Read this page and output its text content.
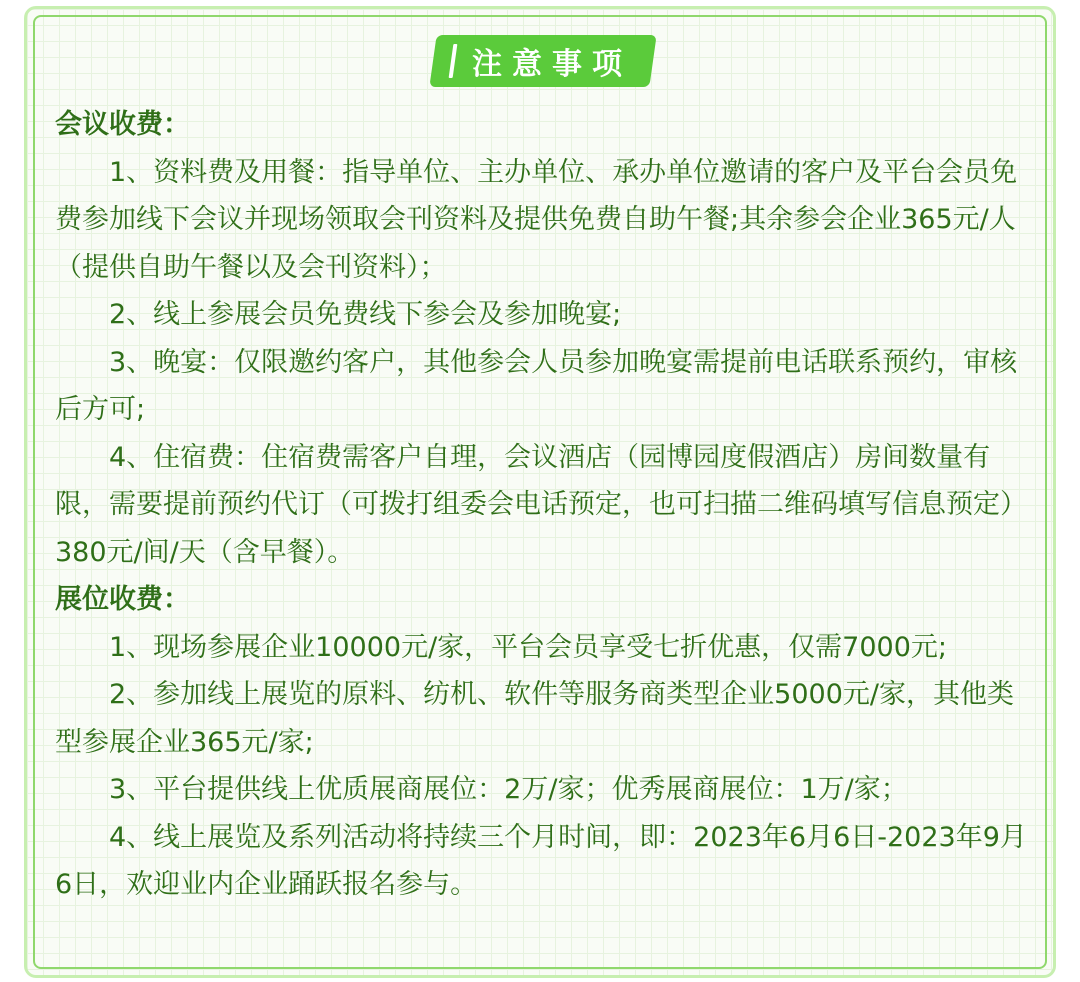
注意事项
会议收费：
1、资料费及用餐：指导单位、主办单位、承办单位邀请的客户及平台会员免费参加线下会议并现场领取会刊资料及提供免费自助午餐;其余参会企业365元/人（提供自助午餐以及会刊资料）；
2、线上参展会员免费线下参会及参加晚宴;
3、晚宴：仅限邀约客户，其他参会人员参加晚宴需提前电话联系预约，审核后方可;
4、住宿费：住宿费需客户自理，会议酒店（园博园度假酒店）房间数量有限，需要提前预约代订（可拨打组委会电话预定，也可扫描二维码填写信息预定）380元/间/天（含早餐）。
展位收费：
1、现场参展企业10000元/家，平台会员享受七折优惠，仅需7000元;
2、参加线上展览的原料、纺机、软件等服务商类型企业5000元/家，其他类型参展企业365元/家;
3、平台提供线上优质展商展位：2万/家；优秀展商展位：1万/家；
4、线上展览及系列活动将持续三个月时间，即：2023年6月6日-2023年9月6日，欢迎业内企业踊跃报名参与。
